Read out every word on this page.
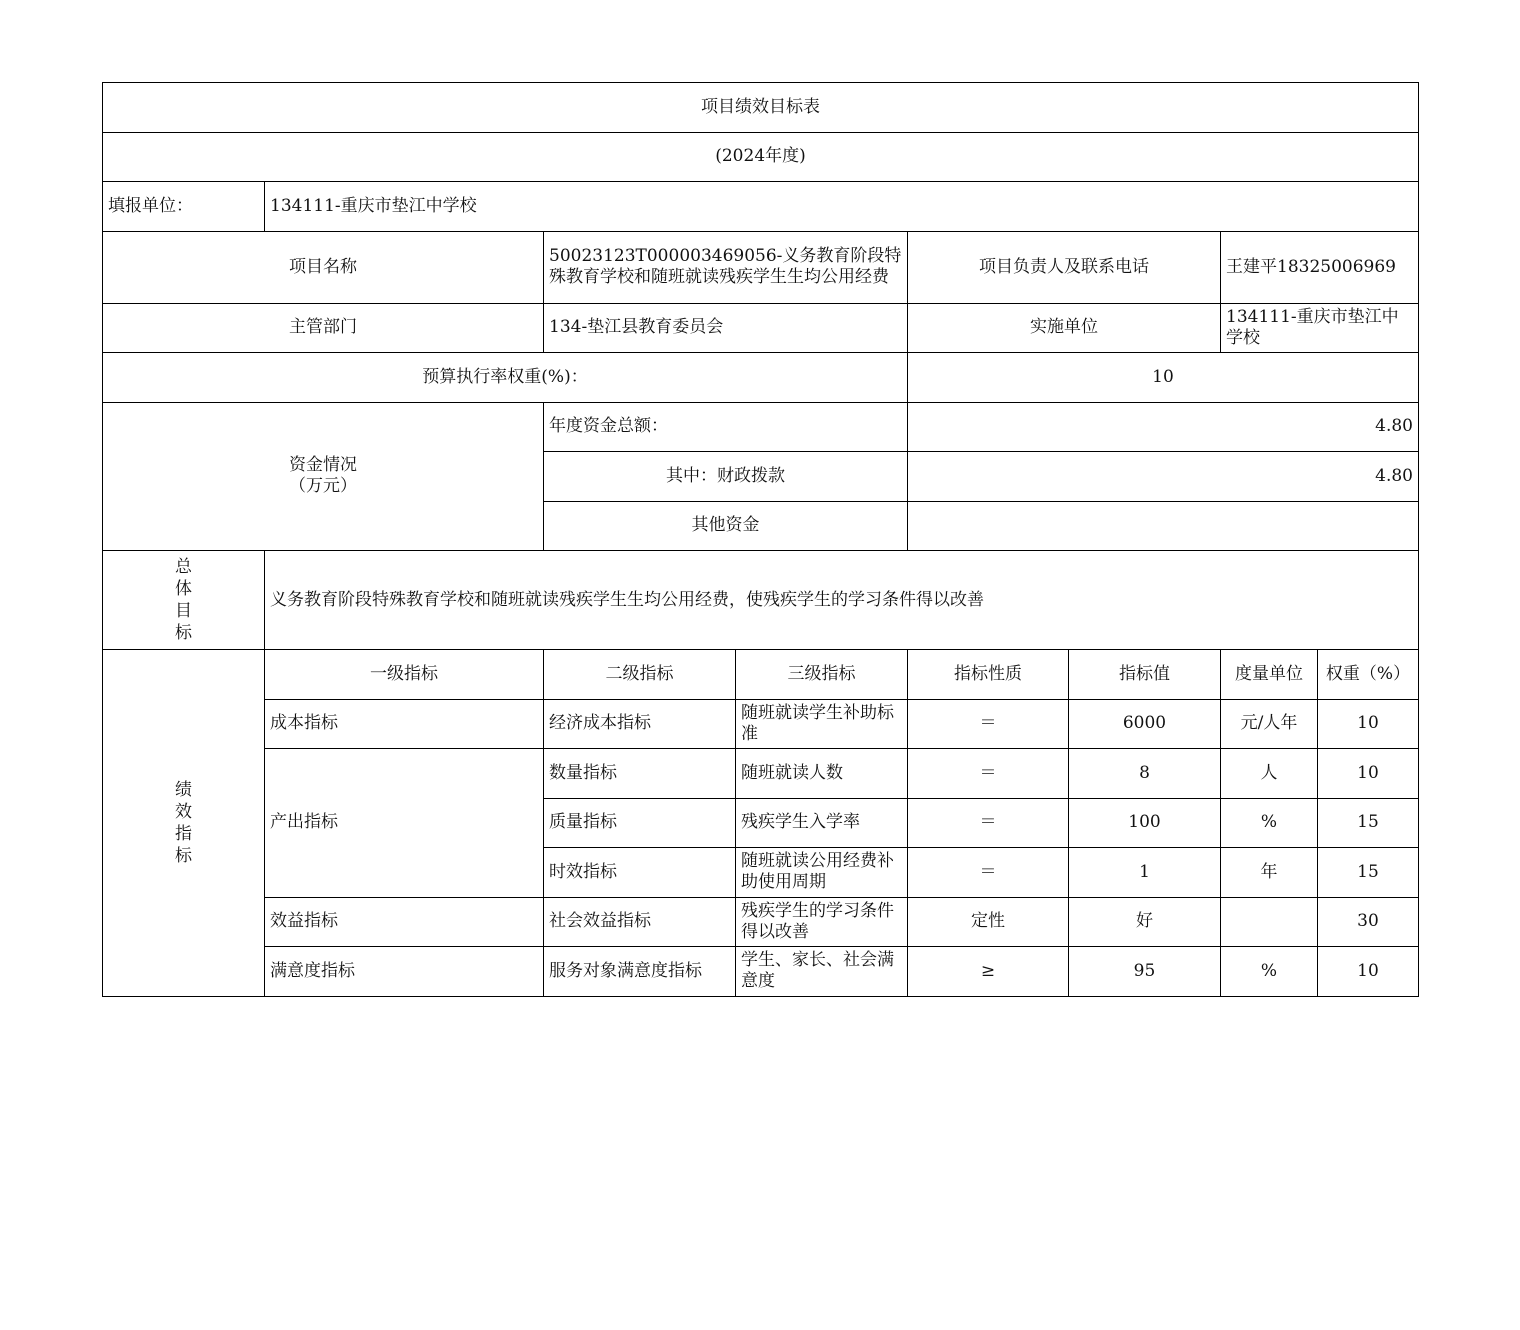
项目绩效目标表							
(2024年度)							
填报单位：	134111-重庆市垫江中学校						
项目名称		50023123T000003469056-义务教育阶段特殊教育学校和随班就读残疾学生生均公用经费		项目负责人及联系电话		王建平18325006969	
主管部门		134-垫江县教育委员会		实施单位		134111-重庆市垫江中学校	
预算执行率权重(%)：				10			

资金情况
（万元）		年度资金总额：		4.80			
		其中：财政拨款		4.80			
		其他资金					
总体目标	义务教育阶段特殊教育学校和随班就读残疾学生生均公用经费，使残疾学生的学习条件得以改善						
绩效指标	一级指标	二级指标	三级指标	指标性质	指标值	度量单位	权重（%）
	成本指标	经济成本指标	随班就读学生补助标准	＝	6000	元/人年	10
	产出指标	数量指标	随班就读人数	＝	8	人	10
		质量指标	残疾学生入学率	＝	100	%	15
		时效指标	随班就读公用经费补助使用周期	＝	1	年	15
	效益指标	社会效益指标	残疾学生的学习条件得以改善	定性	好		30
	满意度指标	服务对象满意度指标	学生、家长、社会满意度	≥	95	%	10
